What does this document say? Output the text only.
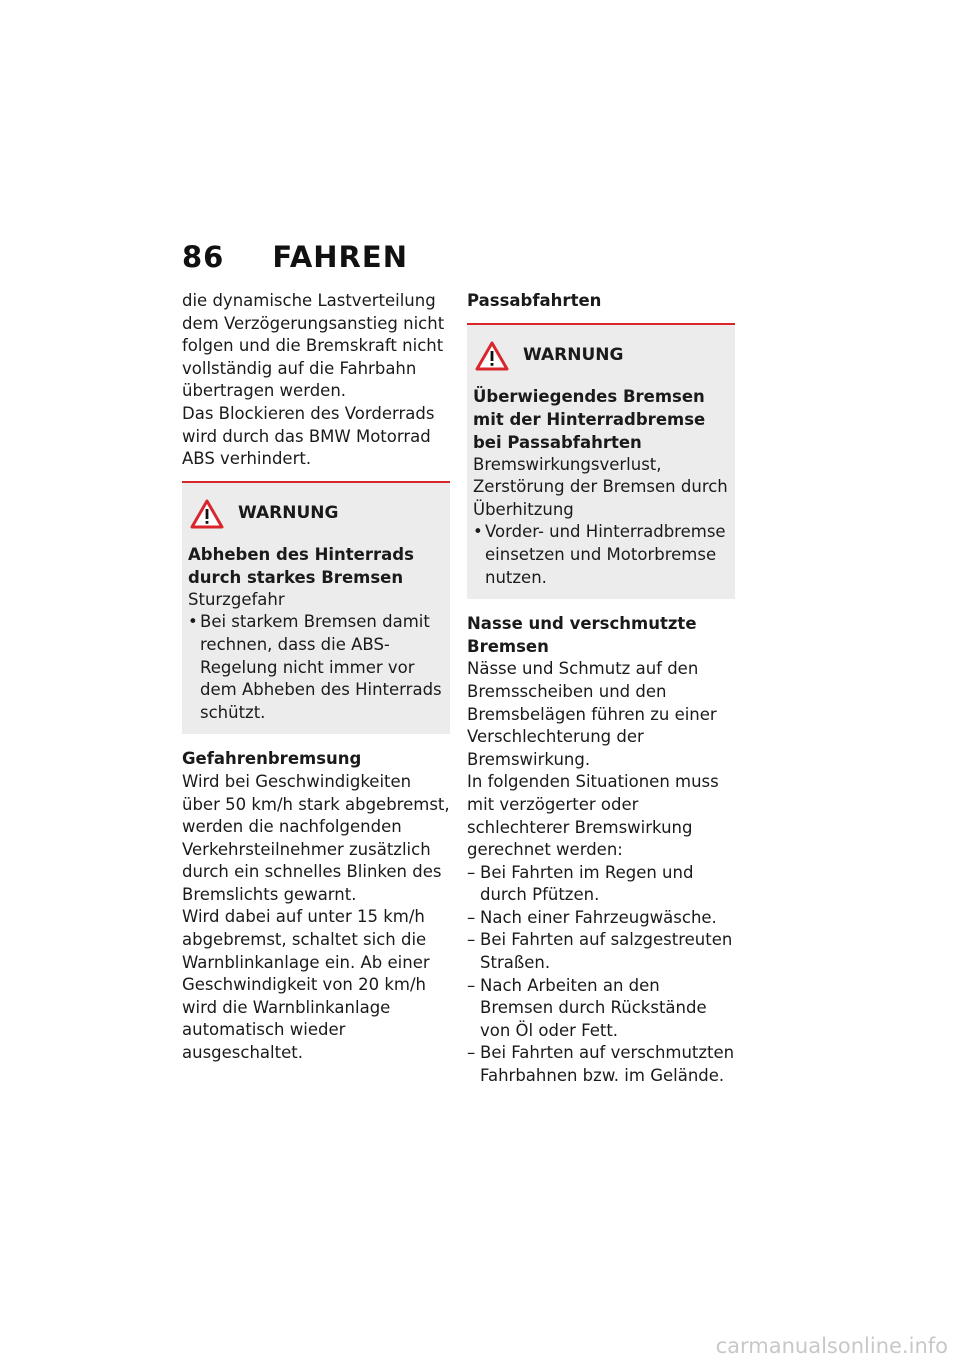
86 FAHREN

die dynamische Lastverteilung dem Verzögerungsanstieg nicht folgen und die Bremskraft nicht vollständig auf die Fahrbahn übertragen werden.

Das Blockieren des Vorderrads wird durch das BMW Motorrad ABS verhindert.

WARNUNG

Abheben des Hinterrads durch starkes Bremsen

Sturzgefahr

• Bei starkem Bremsen damit rechnen, dass die ABS-Regelung nicht immer vor dem Abheben des Hinterrads schützt.

Gefahrenbremsung

Wird bei Geschwindigkeiten über 50 km/h stark abgebremst, werden die nachfolgenden Verkehrsteilnehmer zusätzlich durch ein schnelles Blinken des Bremslichts gewarnt.

Wird dabei auf unter 15 km/h abgebremst, schaltet sich die Warnblinkanlage ein. Ab einer Geschwindigkeit von 20 km/h wird die Warnblinkanlage automatisch wieder ausgeschaltet.

Passabfahrten

WARNUNG

Überwiegendes Bremsen mit der Hinterradbremse bei Passabfahrten

Bremswirkungsverlust, Zerstörung der Bremsen durch Überhitzung

• Vorder- und Hinterradbremse einsetzen und Motorbremse nutzen.

Nasse und verschmutzte Bremsen

Nässe und Schmutz auf den Bremsscheiben und den Bremsbelägen führen zu einer Verschlechterung der Bremswirkung.

In folgenden Situationen muss mit verzögerter oder schlechterer Bremswirkung gerechnet werden:

– Bei Fahrten im Regen und durch Pfützen.
– Nach einer Fahrzeugwäsche.
– Bei Fahrten auf salzgestreuten Straßen.
– Nach Arbeiten an den Bremsen durch Rückstände von Öl oder Fett.
– Bei Fahrten auf verschmutzten Fahrbahnen bzw. im Gelände.
carmanualsonline.info
